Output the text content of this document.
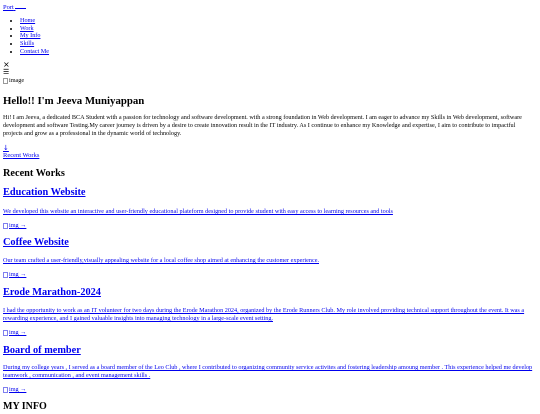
Port
• Home
• Work
• My Info
• Skills
• Contact Me
×
☰
image
Hello!! I'm Jeeva Muniyappan

Hi! I am Jeeva, a dedicated BCA Student with a passion for technology and software development. with a strong foundation in Web development. I am eager to advance my Skills in Web development, software development and software Testing.My career journey is driven by a desire to create innovation result in the IT industry. As I continue to enhance my Knowledge and expertise, I aim to contribute to impactful projects and grow as a professional in the dynamic world of technology.

↓
Recent Works
Recent Works
Education Website

We developed this website an interactive and user-friendly educational plateform designed to provide student with easy access to learning resources and tools

img →
Coffee Website

Our team crafted a user-friendly,visually appealing website for a local coffee shop aimed at enhancing the customer experience.

img →
Erode Marathon-2024

I had the opportunity to work as an IT volunteer for two days during the Erode Marathon 2024, organized by the Erode Runners Club. My role involved providing technical support throughout the event. It was a rewarding experience, and I gained valuable insights into managing technology in a large-scale event setting.

img →
Board of member

During my college years , I served as a board member of the Leo Club , where I contributed to organizing community service activites and fostering leadership amoung member . This experience helped me develop teamwork , communication , and event management skills .

img →
MY INFO
